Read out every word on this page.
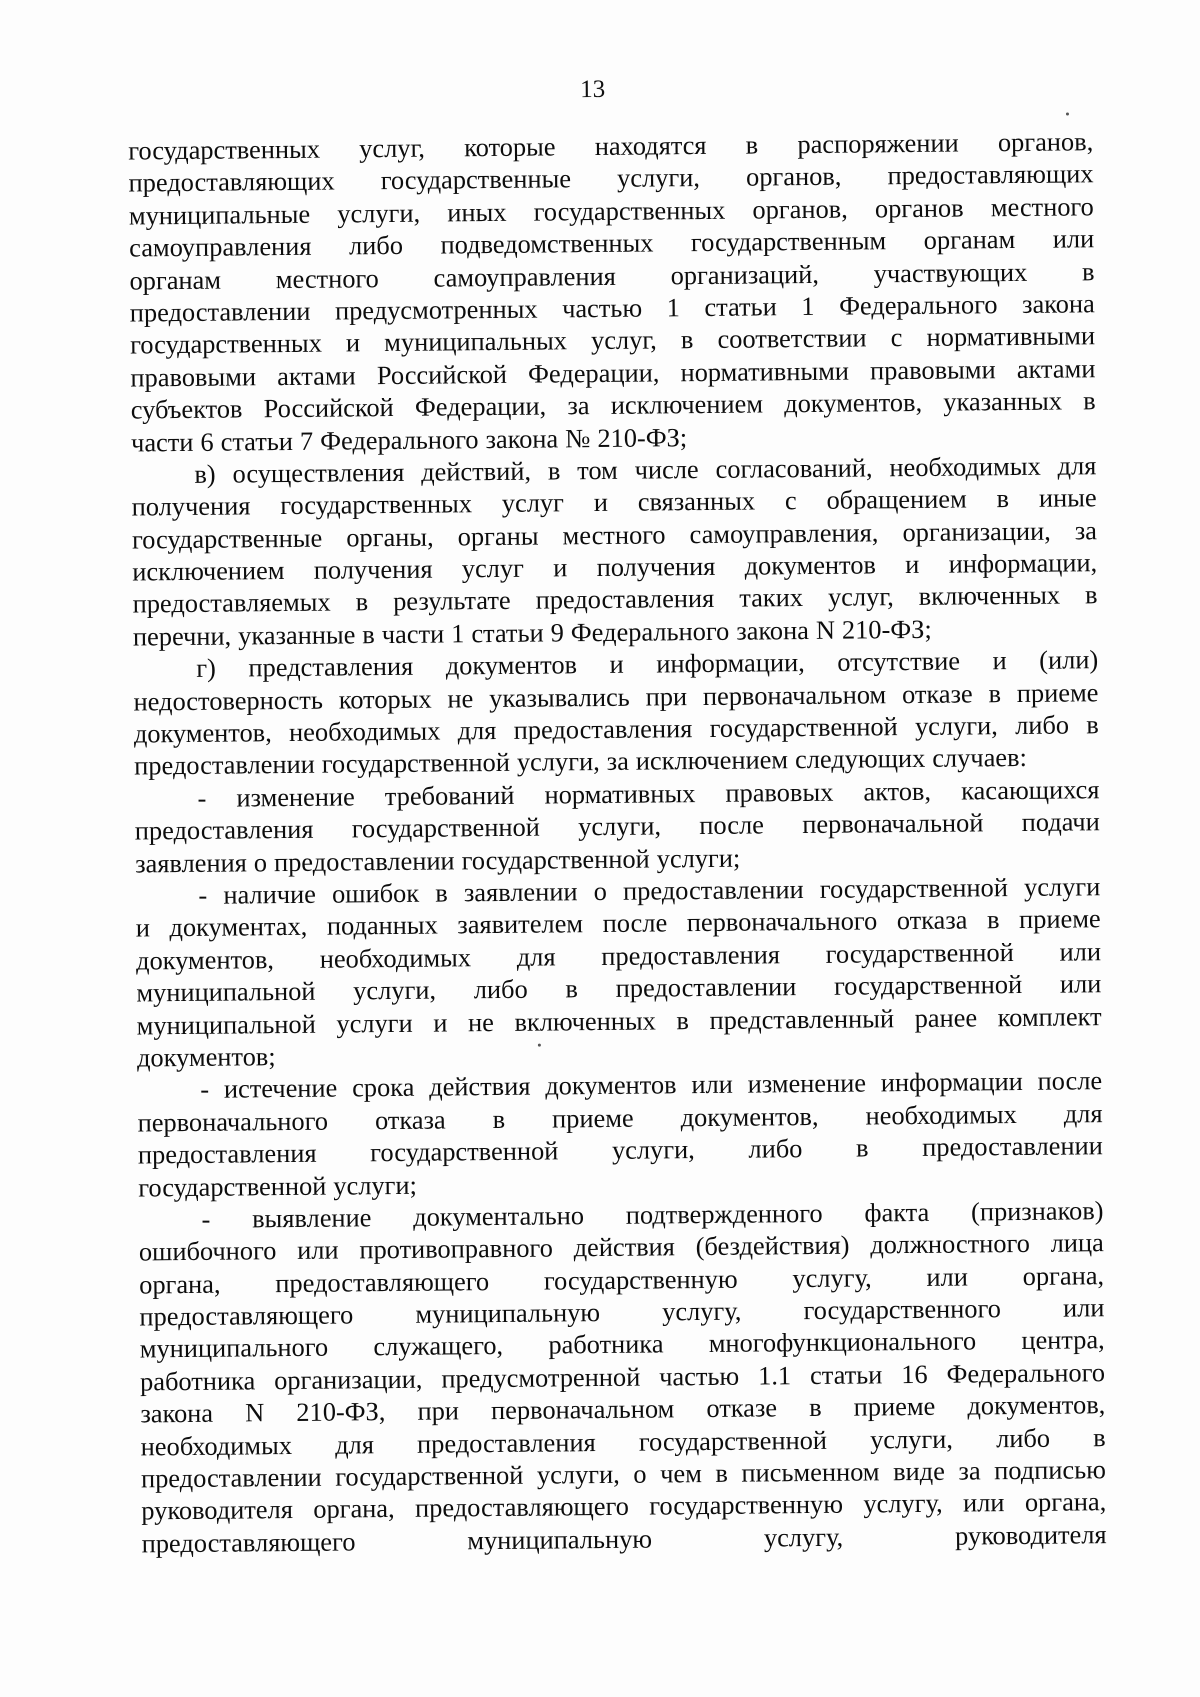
13
государственных услуг, которые находятся в распоряжении органов,
предоставляющих государственные услуги, органов, предоставляющих
муниципальные услуги, иных государственных органов, органов местного
самоуправления либо подведомственных государственным органам или
органам местного самоуправления организаций, участвующих в
предоставлении предусмотренных частью 1 статьи 1 Федерального закона
государственных и муниципальных услуг, в соответствии с нормативными
правовыми актами Российской Федерации, нормативными правовыми актами
субъектов Российской Федерации, за исключением документов, указанных в
части 6 статьи 7 Федерального закона № 210-ФЗ;
в) осуществления действий, в том числе согласований, необходимых для
получения государственных услуг и связанных с обращением в иные
государственные органы, органы местного самоуправления, организации, за
исключением получения услуг и получения документов и информации,
предоставляемых в результате предоставления таких услуг, включенных в
перечни, указанные в части 1 статьи 9 Федерального закона N 210-ФЗ;
г) представления документов и информации, отсутствие и (или)
недостоверность которых не указывались при первоначальном отказе в приеме
документов, необходимых для предоставления государственной услуги, либо в
предоставлении государственной услуги, за исключением следующих случаев:
- изменение требований нормативных правовых актов, касающихся
предоставления государственной услуги, после первоначальной подачи
заявления о предоставлении государственной услуги;
- наличие ошибок в заявлении о предоставлении государственной услуги
и документах, поданных заявителем после первоначального отказа в приеме
документов, необходимых для предоставления государственной или
муниципальной услуги, либо в предоставлении государственной или
муниципальной услуги и не включенных в представленный ранее комплект
документов;
- истечение срока действия документов или изменение информации после
первоначального отказа в приеме документов, необходимых для
предоставления государственной услуги, либо в предоставлении
государственной услуги;
- выявление документально подтвержденного факта (признаков)
ошибочного или противоправного действия (бездействия) должностного лица
органа, предоставляющего государственную услугу, или органа,
предоставляющего муниципальную услугу, государственного или
муниципального служащего, работника многофункционального центра,
работника организации, предусмотренной частью 1.1 статьи 16 Федерального
закона N 210-ФЗ, при первоначальном отказе в приеме документов,
необходимых для предоставления государственной услуги, либо в
предоставлении государственной услуги, о чем в письменном виде за подписью
руководителя органа, предоставляющего государственную услугу, или органа,
предоставляющего	муниципальную	услугу,	руководителя
